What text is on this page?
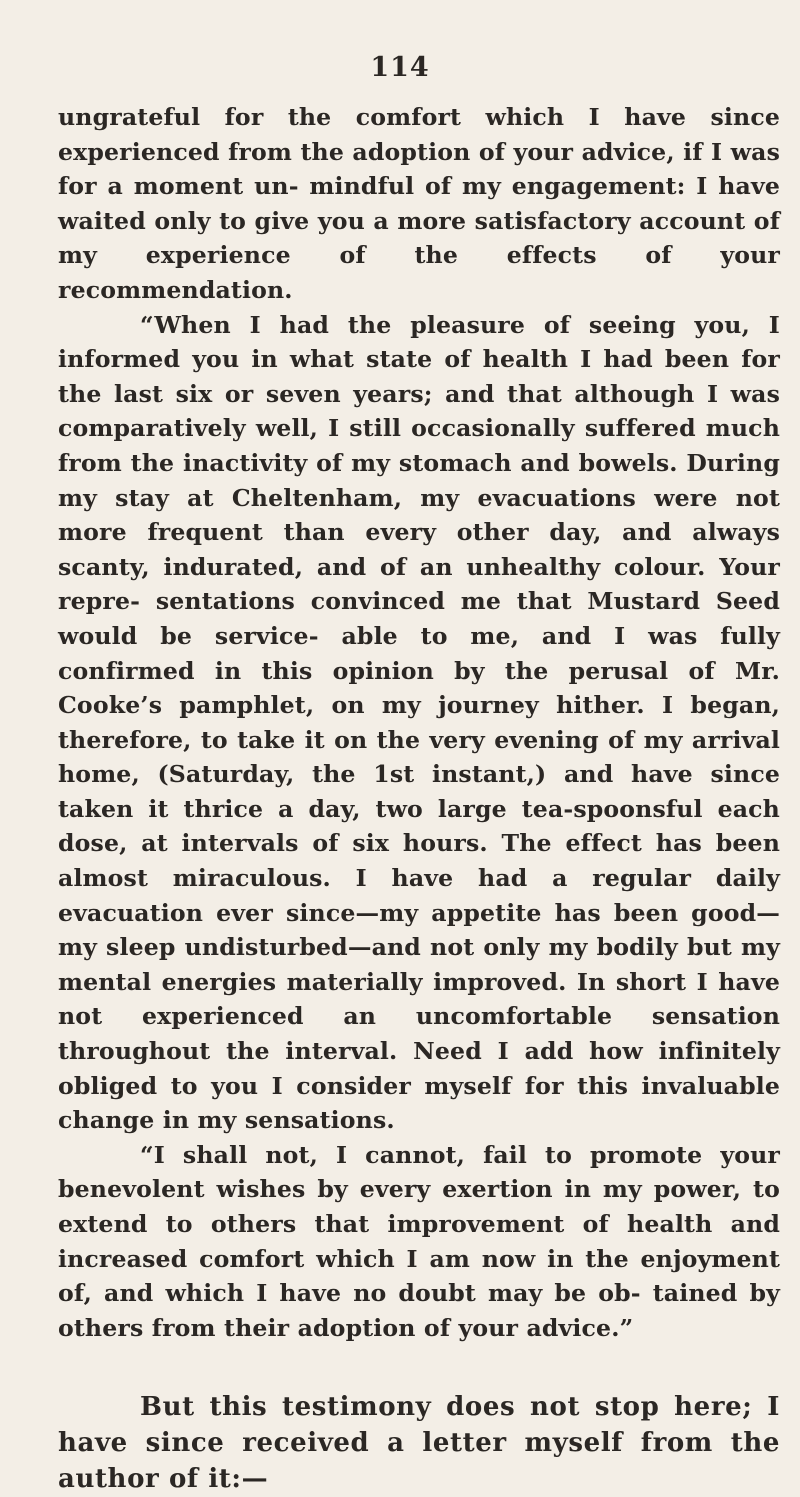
114

ungrateful for the comfort which I have since experienced from the adoption of your advice, if I was for a moment un- mindful of my engagement: I have waited only to give you a more satisfactory account of my experience of the effects of your recommendation.

“When I had the pleasure of seeing you, I informed you in what state of health I had been for the last six or seven years; and that although I was comparatively well, I still occasionally suffered much from the inactivity of my stomach and bowels. During my stay at Cheltenham, my evacuations were not more frequent than every other day, and always scanty, indurated, and of an unhealthy colour. Your repre- sentations convinced me that Mustard Seed would be service- able to me, and I was fully confirmed in this opinion by the perusal of Mr. Cooke’s pamphlet, on my journey hither. I began, therefore, to take it on the very evening of my arrival home, (Saturday, the 1st instant,) and have since taken it thrice a day, two large tea-spoonsful each dose, at intervals of six hours. The effect has been almost miraculous. I have had a regular daily evacuation ever since—my appetite has been good—my sleep undisturbed—and not only my bodily but my mental energies materially improved. In short I have not experienced an uncomfortable sensation throughout the interval. Need I add how infinitely obliged to you I consider myself for this invaluable change in my sensations.

“I shall not, I cannot, fail to promote your benevolent wishes by every exertion in my power, to extend to others that improvement of health and increased comfort which I am now in the enjoyment of, and which I have no doubt may be ob- tained by others from their adoption of your advice.”

But this testimony does not stop here; I have since received a letter myself from the author of it:—
